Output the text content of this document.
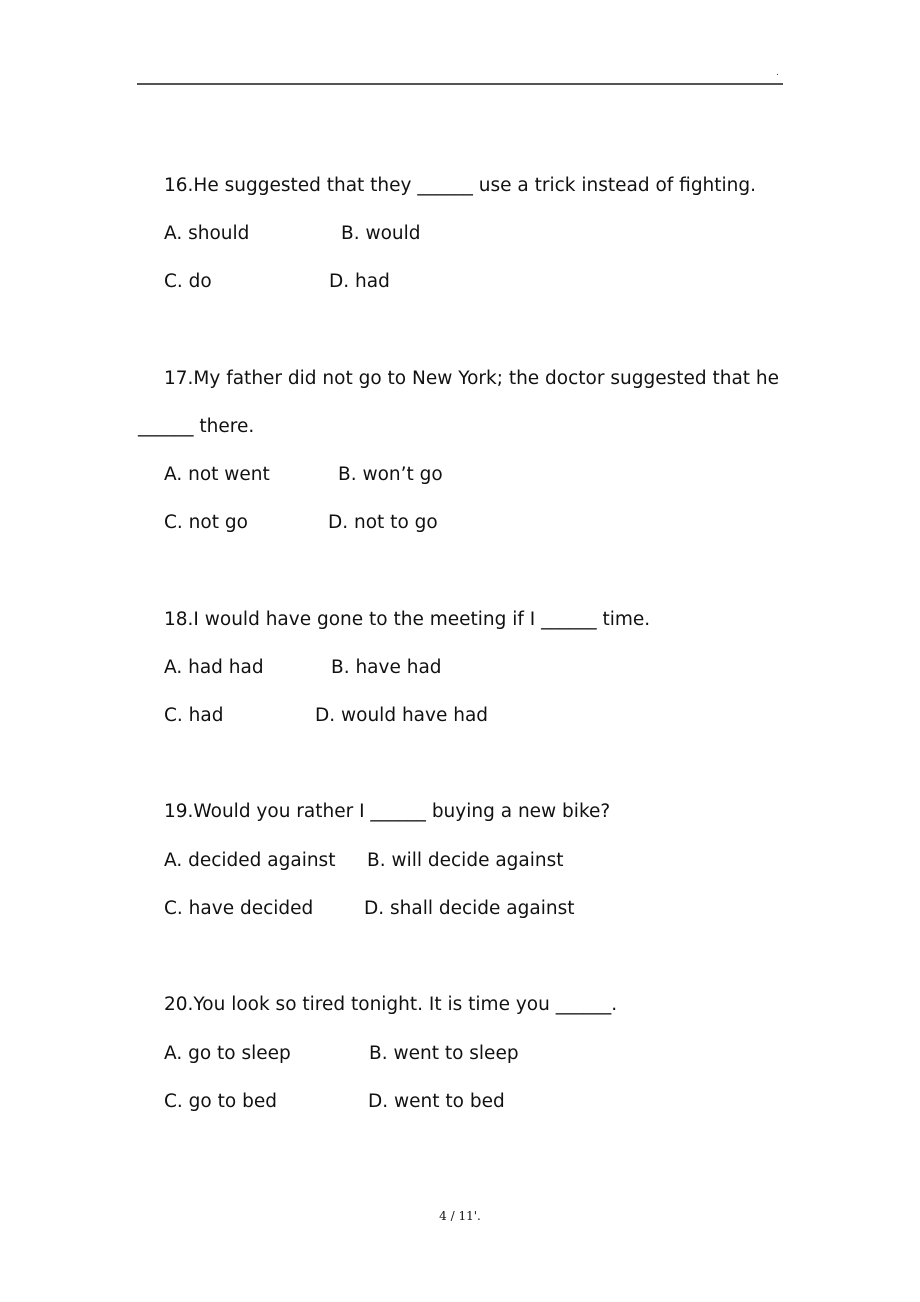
.
16.He suggested that they ______ use a trick instead of fighting.
A. should	B. would
C. do	D. had
17.My father did not go to New York; the doctor suggested that he
______ there.
A. not went	B. won’t go
C. not go	D. not to go
18.I would have gone to the meeting if I ______ time.
A. had had	B. have had
C. had	D. would have had
19.Would you rather I ______ buying a new bike?
A. decided against B. will decide against
C. have decided	D. shall decide against
20.You look so tired tonight. It is time you ______.
A. go to sleep	B. went to sleep
C. go to bed	D. went to bed
4 / 11'.
